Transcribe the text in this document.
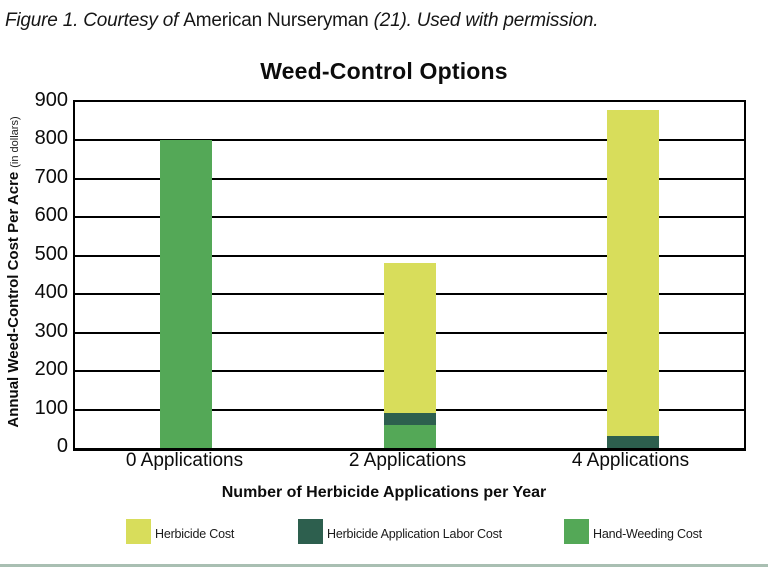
Figure 1. Courtesy of American Nurseryman (21). Used with permission.
Weed-Control Options
Annual Weed-Control Cost Per Acre(in dollars)
0
100
200
300
400
500
600
700
800
900
0 Applications	2 Applications	4 Applications
Number of Herbicide Applications per Year
Herbicide Cost	Herbicide Application Labor Cost	Hand-Weeding Cost
